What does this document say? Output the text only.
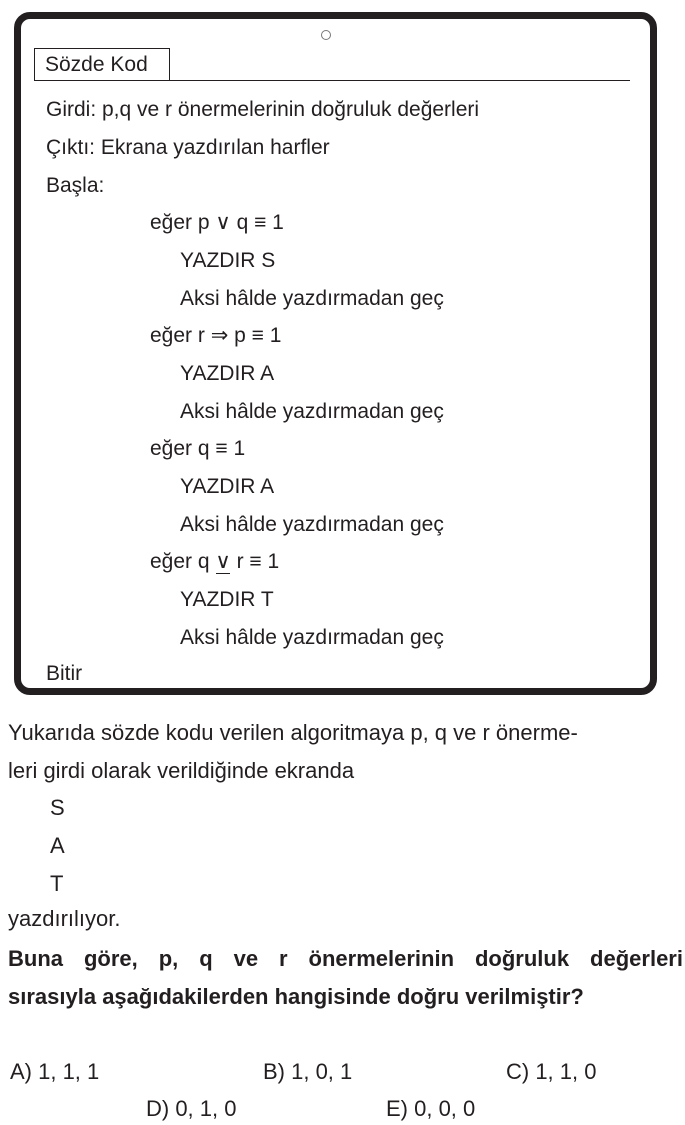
Sözde Kod
Girdi: p,q ve r önermelerinin doğruluk değerleri
Çıktı: Ekrana yazdırılan harfler
Başla:
eğer p ∨ q ≡ 1
YAZDIR S
Aksi hâlde yazdırmadan geç
eğer r ⇒ p ≡ 1
YAZDIR A
Aksi hâlde yazdırmadan geç
eğer q ≡ 1
YAZDIR A
Aksi hâlde yazdırmadan geç
eğer q ∨ r ≡ 1
YAZDIR T
Aksi hâlde yazdırmadan geç
Bitir
Yukarıda sözde kodu verilen algoritmaya p, q ve r önerme-
leri girdi olarak verildiğinde ekranda
S
A
T
yazdırılıyor.
Buna göre, p, q ve r önermelerinin doğruluk değerleri
sırasıyla aşağıdakilerden hangisinde doğru verilmiştir?
A) 1, 1, 1	B) 1, 0, 1	C) 1, 1, 0
D) 0, 1, 0	E) 0, 0, 0
